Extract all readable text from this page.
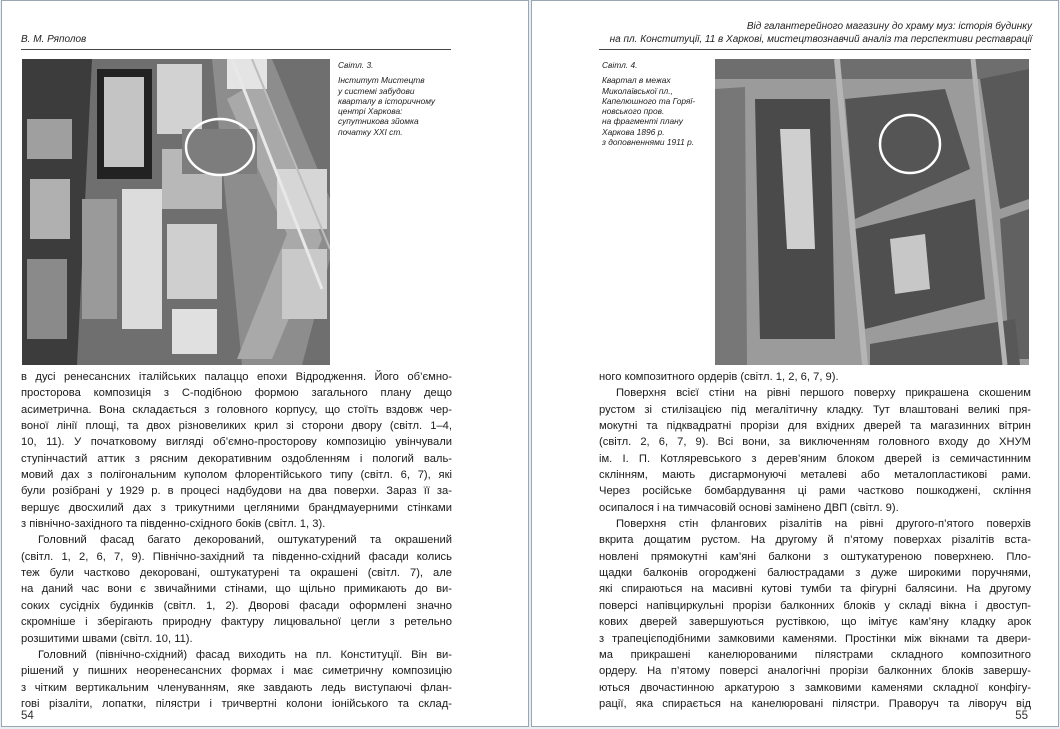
В. М. Ряполов
Світл. 3.
Інститут Мистецтв
у системі забудови
кварталу в історичному
центрі Харкова:
супутникова зйомка
початку XXI ст.
в дусі ренесансних італійських палаццо епохи Відродження. Його об’ємно-
просторова композиція з С-подібною формою загального плану дещо
асиметрична. Вона складається з головного корпусу, що стоїть вздовж чер-
воної лінії площі, та двох різновеликих крил зі сторони двору (світл. 1–4,
10, 11). У початковому вигляді об’ємно-просторову композицію увінчували
ступінчастий аттик з рясним декоративним оздобленням і пологий валь-
мовий дах з полігональним куполом флорентійського типу (світл. 6, 7), які
були розібрані у 1929 р. в процесі надбудови на два поверхи. Зараз її за-
вершує двосхилий дах з трикутними цегляними брандмауерними стінками
з північно-західного та південно-східного боків (світл. 1, 3).
Головний фасад багато декорований, оштукатурений та окрашений
(світл. 1, 2, 6, 7, 9). Північно-західний та південно-східний фасади колись
теж були частково декоровані, оштукатурені та окрашені (світл. 7), але
на даний час вони є звичайними стінами, що щільно примикають до ви-
соких сусідніх будинків (світл. 1, 2). Дворові фасади оформлені значно
скромніше і зберігають природну фактуру лицювальної цегли з ретельно
розшитими швами (світл. 10, 11).
Головний (північно-східний) фасад виходить на пл. Конституції. Він ви-
рішений у пишних неоренесансних формах і має симетричну композицію
з чітким вертикальним членуванням, яке завдають ледь виступаючі флан-
гові різаліти, лопатки, пілястри і тричвертні колони іонійського та склад-
54
Від галантерейного магазину до храму муз: історія будинку
на пл. Конституції, 11 в Харкові, мистецтвознавчий аналіз та перспективи реставрації
Світл. 4.
Квартал в межах
Миколаївської пл.,
Капелюшного та Горяї-
новського пров.
на фрагменті плану
Харкова 1896 р.
з доповненнями 1911 р.
ного композитного ордерів (світл. 1, 2, 6, 7, 9).
Поверхня всієї стіни на рівні першого поверху прикрашена скошеним
рустом зі стилізацією під мегалітичну кладку. Тут влаштовані великі пря-
мокутні та підквадратні прорізи для вхідних дверей та магазинних вітрин
(світл. 2, 6, 7, 9). Всі вони, за виключенням головного входу до ХНУМ
ім. І. П. Котляревського з дерев’яним блоком дверей із семичастинним
склінням, мають дисгармонуючі металеві або металопластикові рами.
Через російське бомбардування ці рами частково пошкоджені, скління
осипалося і на тимчасовій основі замінено ДВП (світл. 9).
Поверхня стін флангових різалітів на рівні другого-п’ятого поверхів
вкрита дощатим рустом. На другому й п’ятому поверхах різалітів вста-
новлені прямокутні кам’яні балкони з оштукатуреною поверхнею. Пло-
щадки балконів огороджені балюстрадами з дуже широкими поручнями,
які спираються на масивні кутові тумби та фігурні балясини. На другому
поверсі напівциркульні прорізи балконних блоків у складі вікна і двоступ-
кових дверей завершуються рустівкою, що імітує кам’яну кладку арок
з трапецієподібними замковими каменями. Простінки між вікнами та двери-
ма прикрашені канелюрованими пілястрами складного композитного
ордеру. На п’ятому поверсі аналогічні прорізи балконних блоків завершу-
ються двочастинною аркатурою з замковими каменями складної конфігу-
рації, яка спирається на канелюровані пілястри. Праворуч та ліворуч від
55
